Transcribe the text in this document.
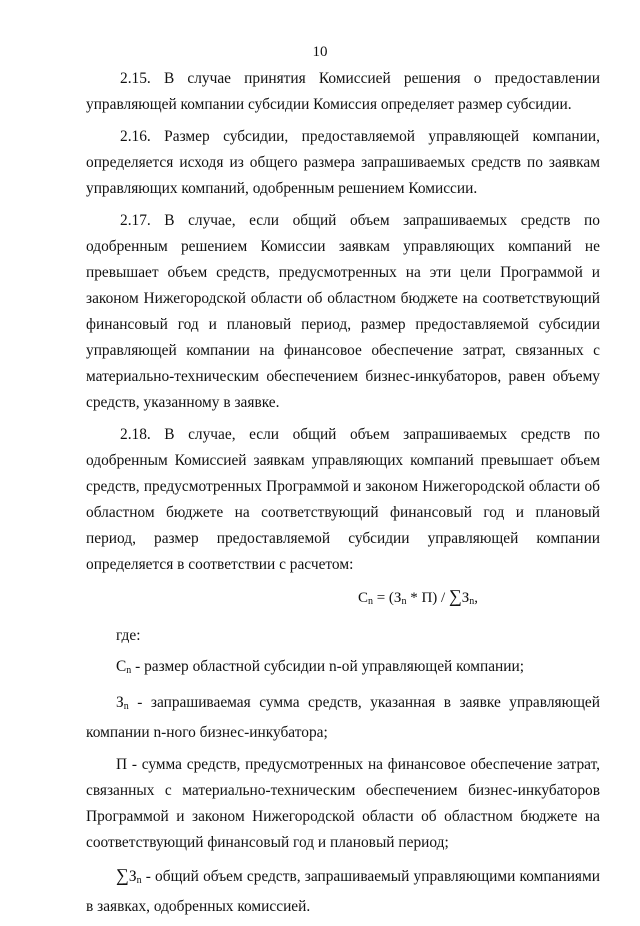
10

2.15. В случае принятия Комиссией решения о предоставлении управляющей компании субсидии Комиссия определяет размер субсидии.

2.16. Размер субсидии, предоставляемой управляющей компании, определяется исходя из общего размера запрашиваемых средств по заявкам управляющих компаний, одобренным решением Комиссии.

2.17. В случае, если общий объем запрашиваемых средств по одобренным решением Комиссии заявкам управляющих компаний не превышает объем средств, предусмотренных на эти цели Программой и законом Нижегородской области об областном бюджете на соответствующий финансовый год и плановый период, размер предоставляемой субсидии управляющей компании на финансовое обеспечение затрат, связанных с материально-техническим обеспечением бизнес-инкубаторов, равен объему средств, указанному в заявке.

2.18. В случае, если общий объем запрашиваемых средств по одобренным Комиссией заявкам управляющих компаний превышает объем средств, предусмотренных Программой и законом Нижегородской области об областном бюджете на соответствующий финансовый год и плановый период, размер предоставляемой субсидии управляющей компании определяется в соответствии с расчетом:

$С_n = (З_n * П) / \sum З_n$,
где:

$С_n$ - размер областной субсидии n-ой управляющей компании;

$З_n$ - запрашиваемая сумма средств, указанная в заявке управляющей компании n-ного бизнес-инкубатора;

П - сумма средств, предусмотренных на финансовое обеспечение затрат, связанных с материально-техническим обеспечением бизнес-инкубаторов Программой и законом Нижегородской области об областном бюджете на соответствующий финансовый год и плановый период;

$\sum З_n$ - общий объем средств, запрашиваемый управляющими компаниями в заявках, одобренных комиссией.
